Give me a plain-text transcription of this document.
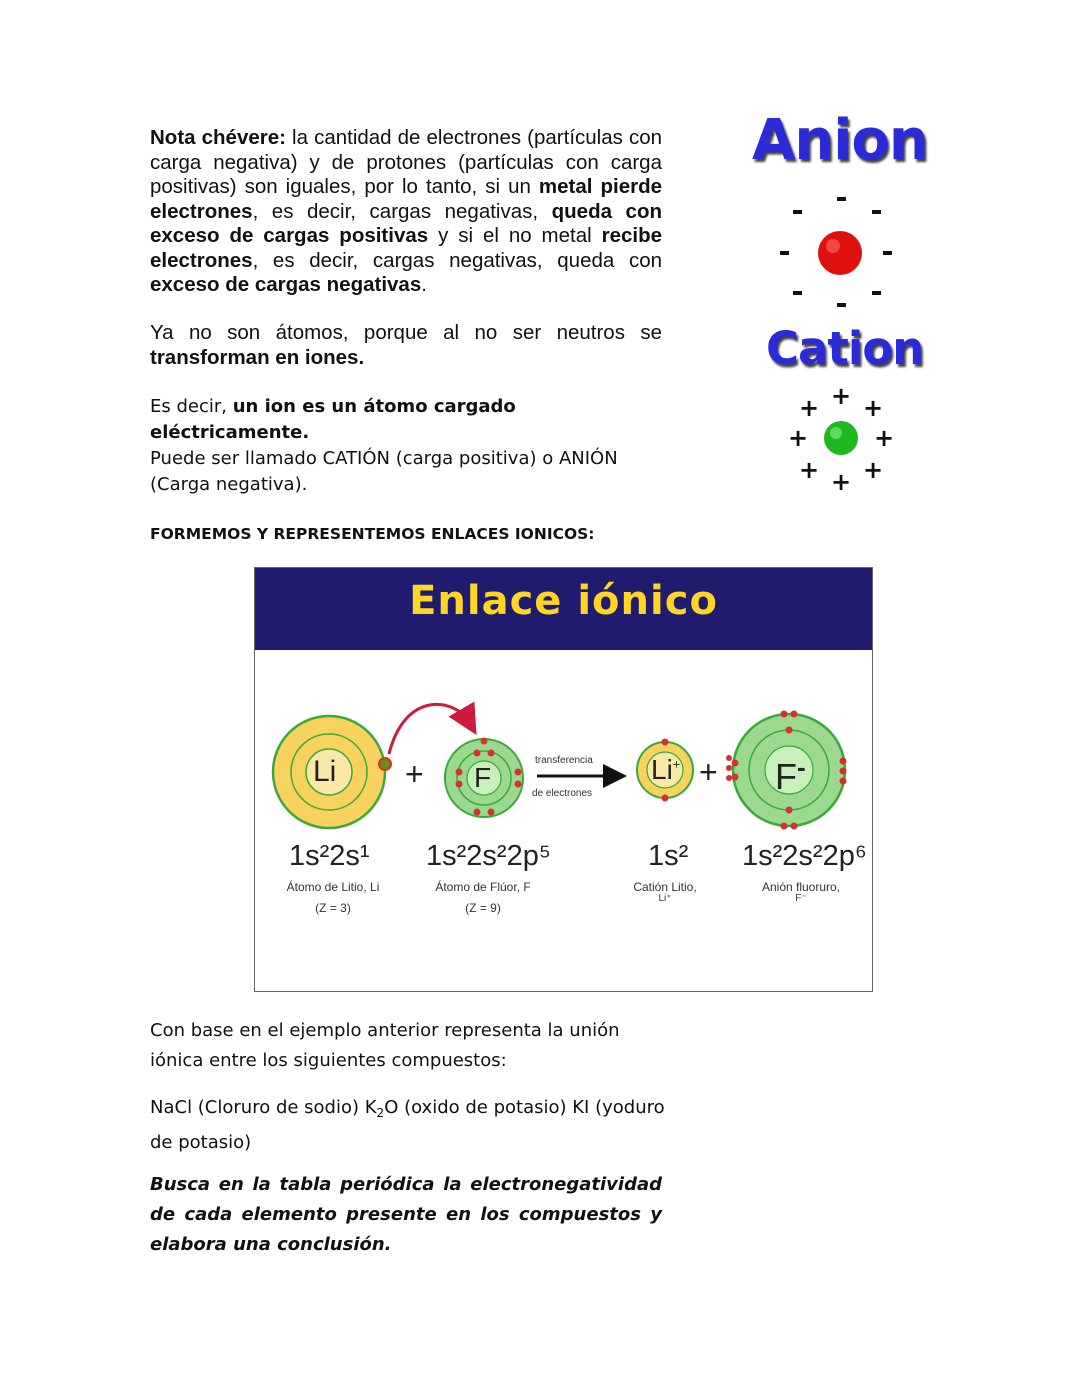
Nota chévere: la cantidad de electrones (partículas con carga negativa) y de protones (partículas con carga positivas) son iguales, por lo tanto, si un metal pierde electrones, es decir, cargas negativas, queda con exceso de cargas positivas y si el no metal recibe electrones, es decir, cargas negativas, queda con exceso de cargas negativas.
Ya no son átomos, porque al no ser neutros se transforman en iones.
Es decir, un ion es un átomo cargado eléctricamente.
Puede ser llamado CATIÓN (carga positiva) o ANIÓN (Carga negativa).
FORMEMOS Y REPRESENTEMOS ENLACES IONICOS:
Anion
Cation
+
+ +
+	+
+ +
+
Enlace iónico
Li + F
transferencia
de electrones
Li+ + F-
1s²2s¹ 1s²2s²2p⁵	1s² 1s²2s²2p⁶
Átomo de Litio, Li
(Z = 3)
Átomo de Flúor, F
(Z = 9)
Catión Litio,
Li⁺
Anión fluoruro,
F⁻
Con base en el ejemplo anterior representa la unión iónica entre los siguientes compuestos:
NaCl (Cloruro de sodio) $K_2O$ (oxido de potasio) KI (yoduro de potasio)
Busca en la tabla periódica la electronegatividad de cada elemento presente en los compuestos y elabora una conclusión.
